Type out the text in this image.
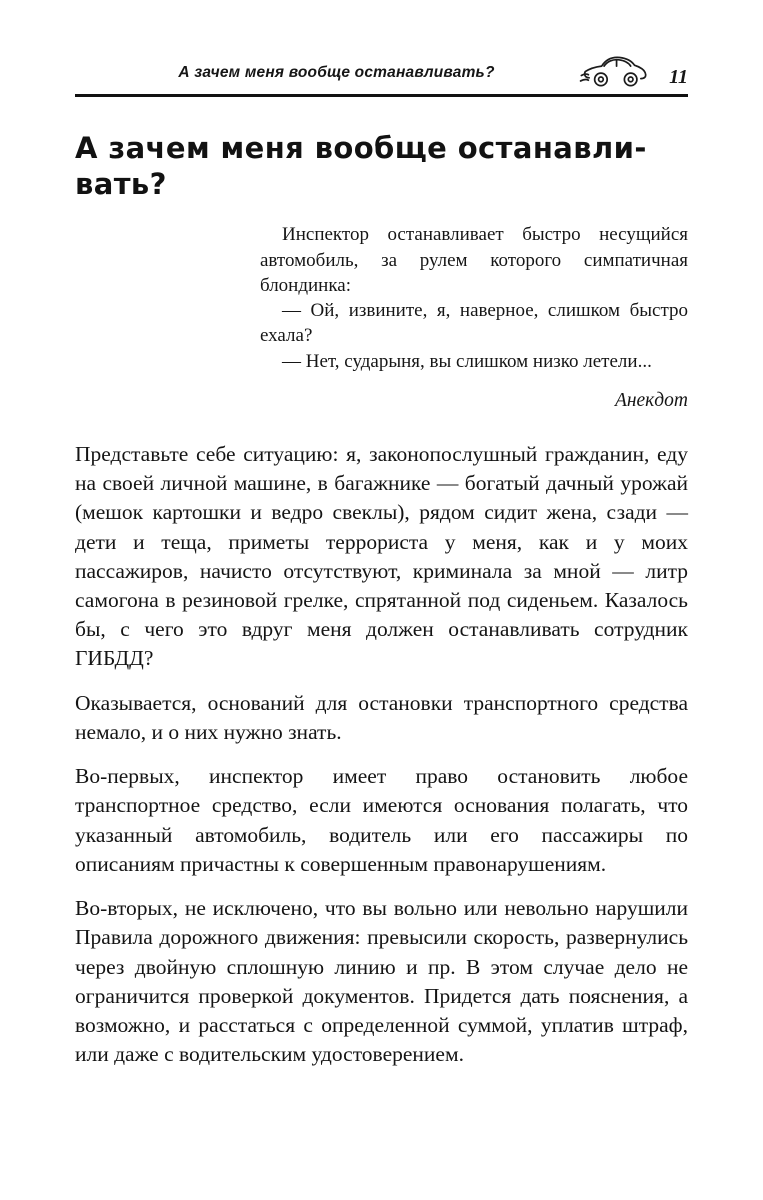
А зачем меня вообще останавливать?	11
А зачем меня вообще останавли-
вать?

Инспектор останавливает быстро несущийся автомобиль, за рулем которого симпатичная блондинка:

— Ой, извините, я, наверное, слишком быстро ехала?

— Нет, сударыня, вы слишком низко летели...

Анекдот

Представьте себе ситуацию: я, законопослушный гражданин, еду на своей личной машине, в багажнике — богатый дачный урожай (мешок картошки и ведро свеклы), рядом сидит жена, сзади — дети и теща, приметы террориста у меня, как и у моих пассажиров, начисто отсутствуют, криминала за мной — литр самогона в резиновой грелке, спрятанной под сиденьем. Казалось бы, с чего это вдруг меня должен останавливать сотрудник ГИБДД?

Оказывается, оснований для остановки транспортного средства немало, и о них нужно знать.

Во-первых, инспектор имеет право остановить любое транспортное средство, если имеются основания полагать, что указанный автомобиль, водитель или его пассажиры по описаниям причастны к совершенным правонарушениям.

Во-вторых, не исключено, что вы вольно или невольно нарушили Правила дорожного движения: превысили скорость, развернулись через двойную сплошную линию и пр. В этом случае дело не ограничится проверкой документов. Придется дать пояснения, а возможно, и расстаться с определенной суммой, уплатив штраф, или даже с водительским удостоверением.
